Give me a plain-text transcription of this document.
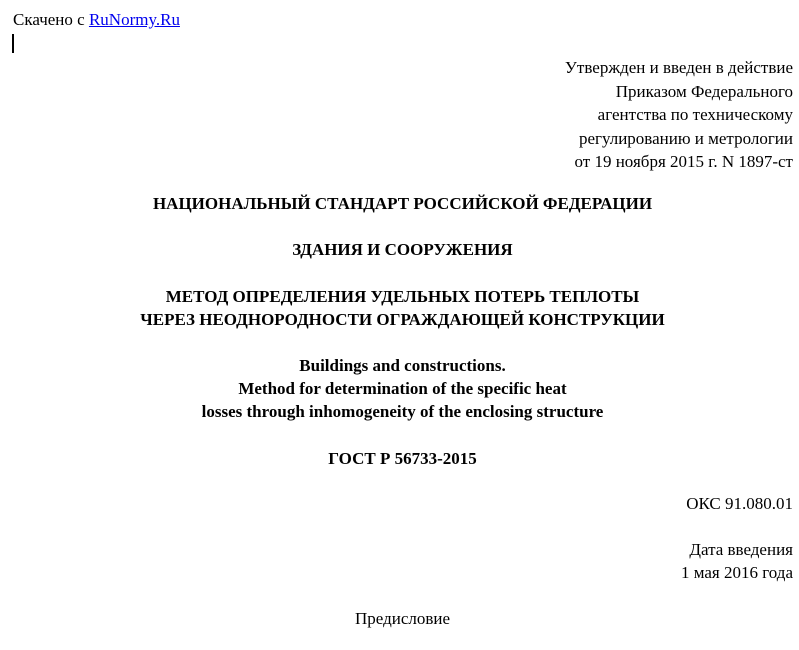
Скачено с RuNormy.Ru
Утвержден и введен в действие
Приказом Федерального
агентства по техническому
регулированию и метрологии
от 19 ноября 2015 г. N 1897-ст
НАЦИОНАЛЬНЫЙ СТАНДАРТ РОССИЙСКОЙ ФЕДЕРАЦИИ
ЗДАНИЯ И СООРУЖЕНИЯ
МЕТОД ОПРЕДЕЛЕНИЯ УДЕЛЬНЫХ ПОТЕРЬ ТЕПЛОТЫ
ЧЕРЕЗ НЕОДНОРОДНОСТИ ОГРАЖДАЮЩЕЙ КОНСТРУКЦИИ
Buildings and constructions.
Method for determination of the specific heat
losses through inhomogeneity of the enclosing structure
ГОСТ Р 56733-2015
ОКС 91.080.01
Дата введения
1 мая 2016 года
Предисловие
